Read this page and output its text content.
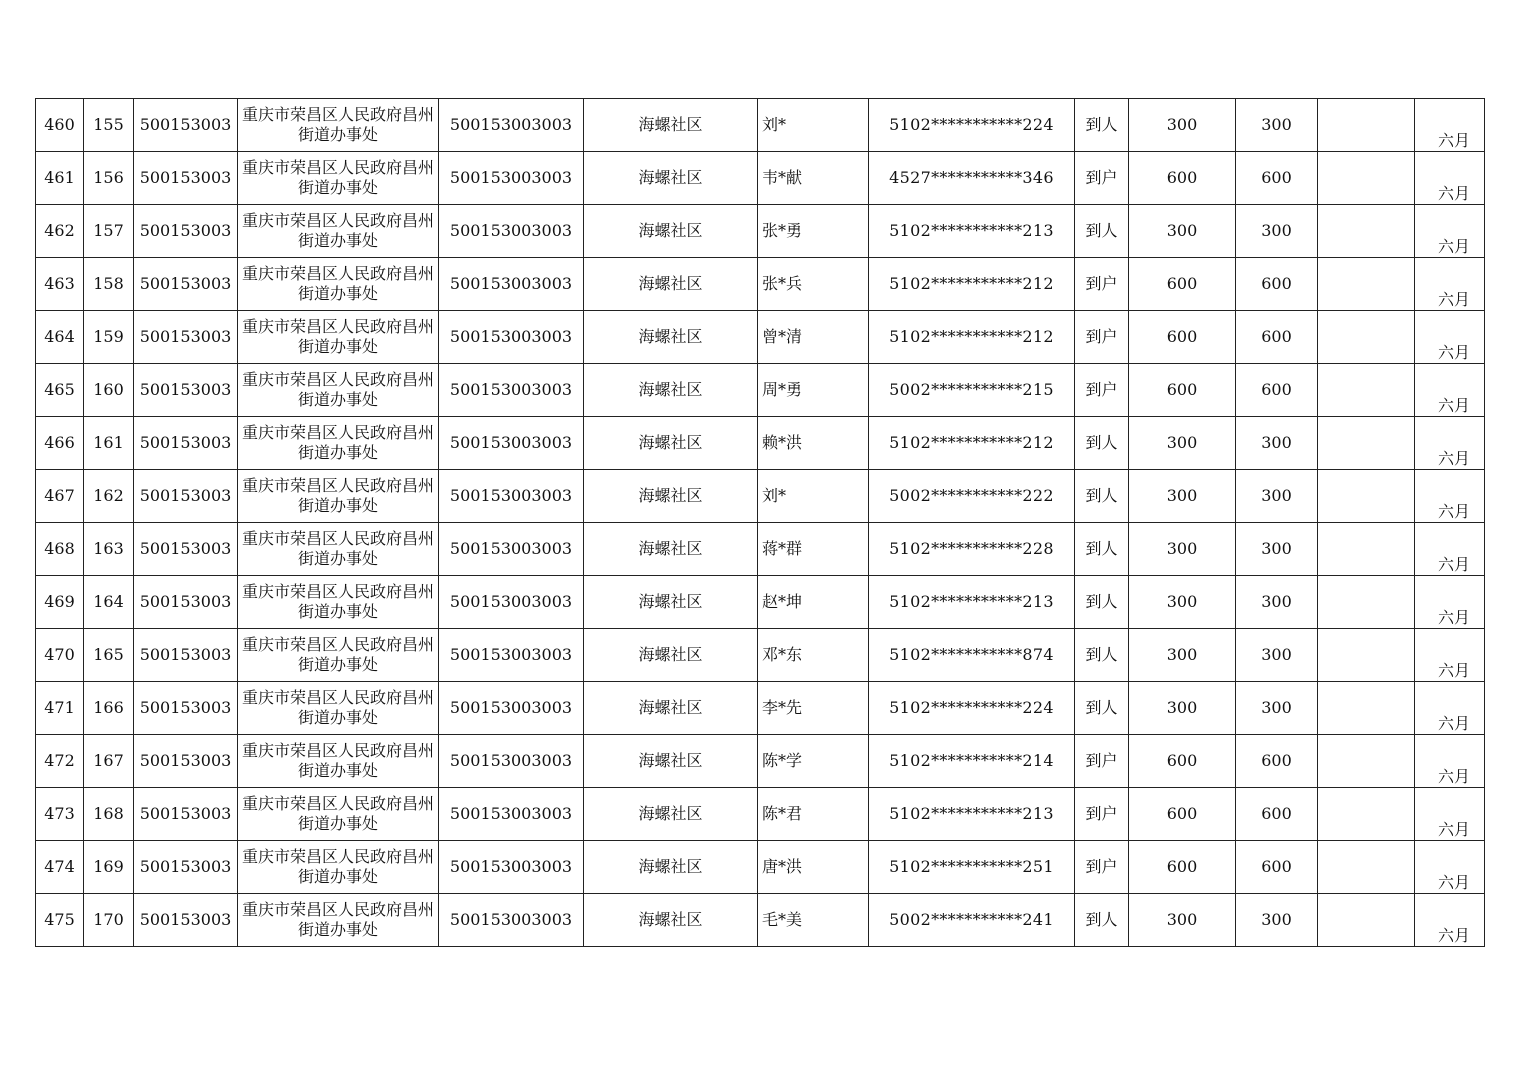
460	155	500153003	重庆市荣昌区人民政府昌州街道办事处	500153003003	海螺社区	刘*	5102***********224	到人	300	300		六月
461	156	500153003	重庆市荣昌区人民政府昌州街道办事处	500153003003	海螺社区	韦*献	4527***********346	到户	600	600		六月
462	157	500153003	重庆市荣昌区人民政府昌州街道办事处	500153003003	海螺社区	张*勇	5102***********213	到人	300	300		六月
463	158	500153003	重庆市荣昌区人民政府昌州街道办事处	500153003003	海螺社区	张*兵	5102***********212	到户	600	600		六月
464	159	500153003	重庆市荣昌区人民政府昌州街道办事处	500153003003	海螺社区	曾*清	5102***********212	到户	600	600		六月
465	160	500153003	重庆市荣昌区人民政府昌州街道办事处	500153003003	海螺社区	周*勇	5002***********215	到户	600	600		六月
466	161	500153003	重庆市荣昌区人民政府昌州街道办事处	500153003003	海螺社区	赖*洪	5102***********212	到人	300	300		六月
467	162	500153003	重庆市荣昌区人民政府昌州街道办事处	500153003003	海螺社区	刘*	5002***********222	到人	300	300		六月
468	163	500153003	重庆市荣昌区人民政府昌州街道办事处	500153003003	海螺社区	蒋*群	5102***********228	到人	300	300		六月
469	164	500153003	重庆市荣昌区人民政府昌州街道办事处	500153003003	海螺社区	赵*坤	5102***********213	到人	300	300		六月
470	165	500153003	重庆市荣昌区人民政府昌州街道办事处	500153003003	海螺社区	邓*东	5102***********874	到人	300	300		六月
471	166	500153003	重庆市荣昌区人民政府昌州街道办事处	500153003003	海螺社区	李*先	5102***********224	到人	300	300		六月
472	167	500153003	重庆市荣昌区人民政府昌州街道办事处	500153003003	海螺社区	陈*学	5102***********214	到户	600	600		六月
473	168	500153003	重庆市荣昌区人民政府昌州街道办事处	500153003003	海螺社区	陈*君	5102***********213	到户	600	600		六月
474	169	500153003	重庆市荣昌区人民政府昌州街道办事处	500153003003	海螺社区	唐*洪	5102***********251	到户	600	600		六月
475	170	500153003	重庆市荣昌区人民政府昌州街道办事处	500153003003	海螺社区	毛*美	5002***********241	到人	300	300		六月
